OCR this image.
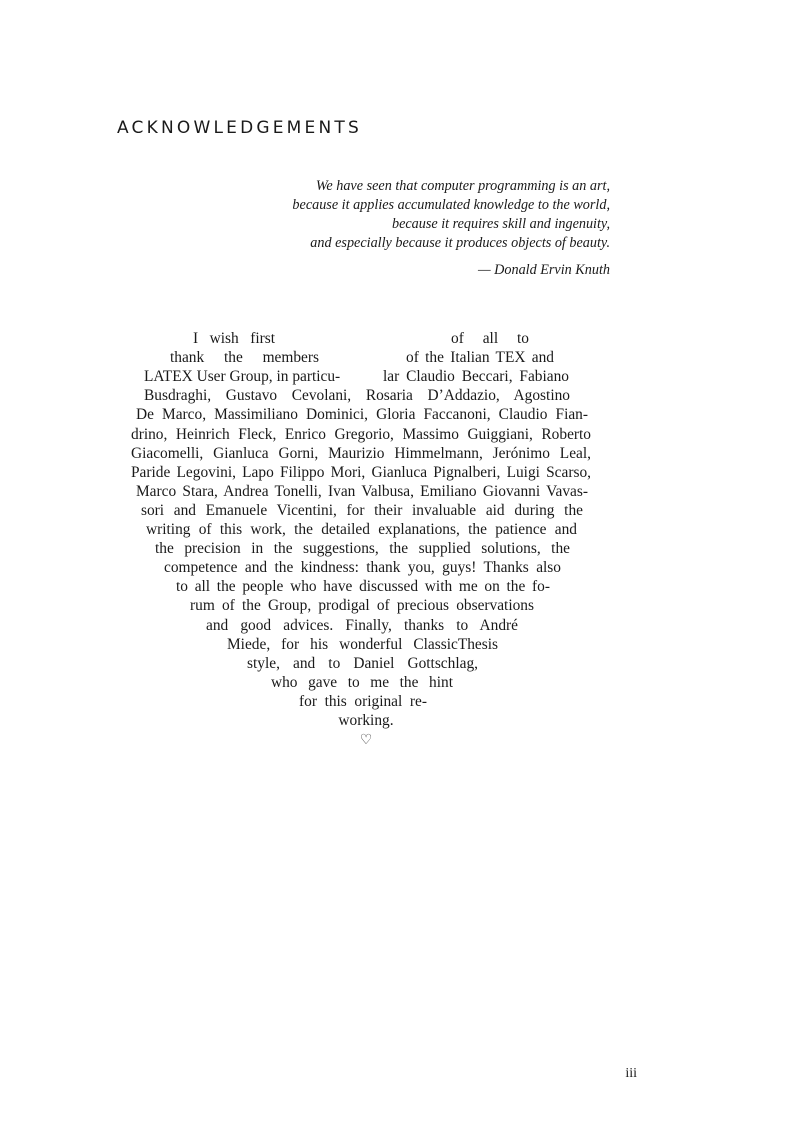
ACKNOWLEDGEMENTS
We have seen that computer programming is an art,
because it applies accumulated knowledge to the world,
because it requires skill and ingenuity,
and especially because it produces objects of beauty.
— Donald Ervin Knuth
I wish first	of all to
thank the members	of the Italian TEX and
LATEX User Group, in particu-	lar Claudio Beccari, Fabiano
Busdraghi, Gustavo Cevolani, Rosaria D’Addazio, Agostino
De Marco, Massimiliano Dominici, Gloria Faccanoni, Claudio Fian-
drino, Heinrich Fleck, Enrico Gregorio, Massimo Guiggiani, Roberto
Giacomelli, Gianluca Gorni, Maurizio Himmelmann, Jerónimo Leal,
Paride Legovini, Lapo Filippo Mori, Gianluca Pignalberi, Luigi Scarso,
Marco Stara, Andrea Tonelli, Ivan Valbusa, Emiliano Giovanni Vavas-
sori and Emanuele Vicentini, for their invaluable aid during the
writing of this work, the detailed explanations, the patience and
the precision in the suggestions, the supplied solutions, the
competence and the kindness: thank you, guys! Thanks also
to all the people who have discussed with me on the fo-
rum of the Group, prodigal of precious observations
and good advices. Finally, thanks to André
Miede, for his wonderful ClassicThesis
style, and to Daniel Gottschlag,
who gave to me the hint
for this original re-
working.
♡
iii
